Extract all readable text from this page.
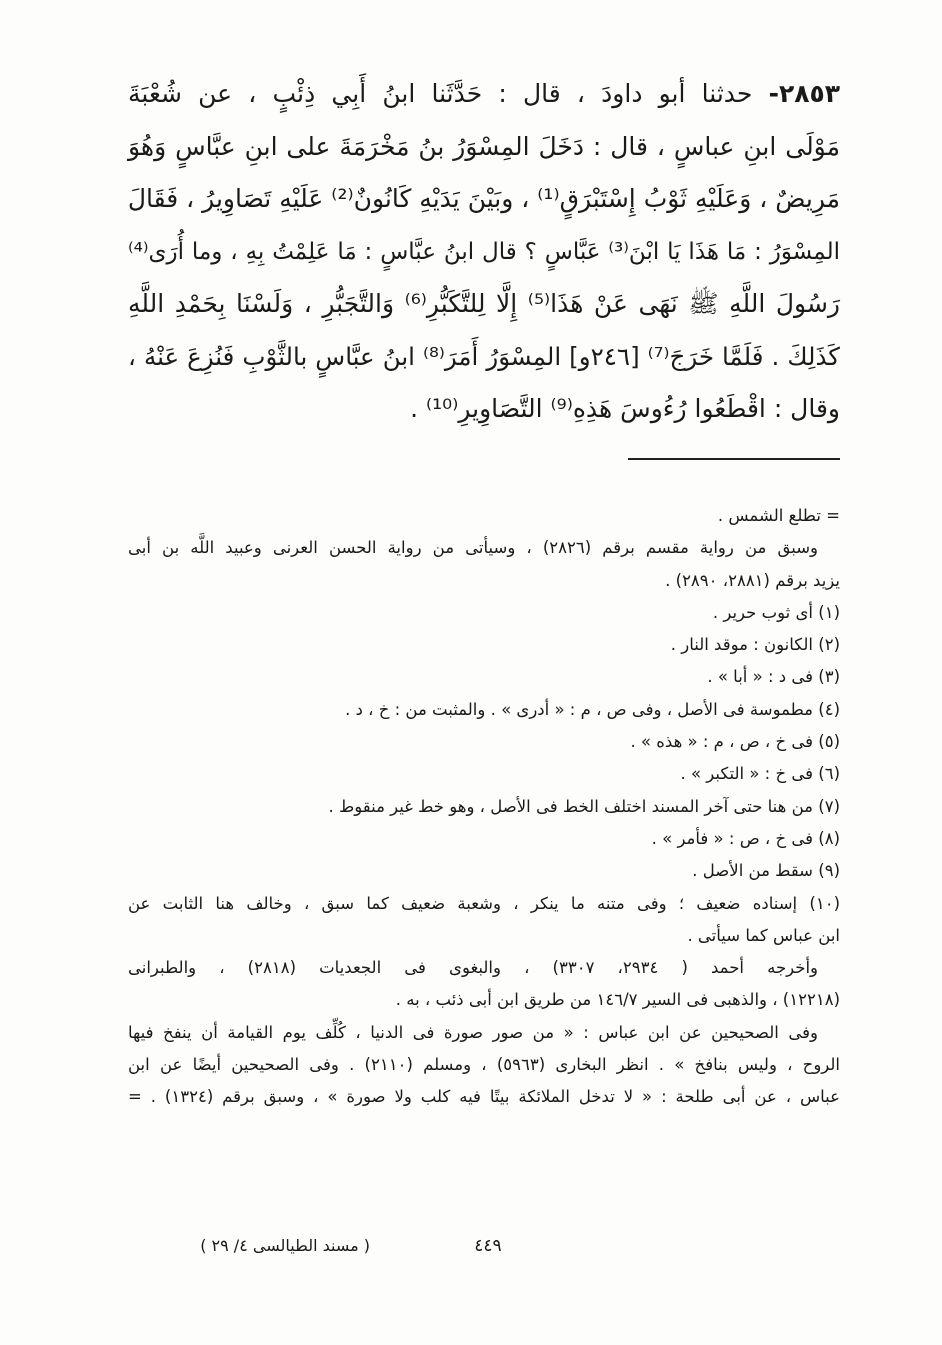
٢٨٥٣- حدثنا أبو داودَ ، قال : حَدَّثَنا ابنُ أَبِي ذِئْبٍ ، عن شُعْبَةَ
مَوْلَى ابنِ عباسٍ ، قال : دَخَلَ المِسْوَرُ بنُ مَخْرَمَةَ على ابنِ عبَّاسٍ وَهُوَ
مَرِيضٌ ، وَعَلَيْهِ ثَوْبُ إِسْتَبْرَقٍ⁽¹⁾ ، وبَيْنَ يَدَيْهِ كَانُونٌ⁽²⁾ عَلَيْهِ تَصَاوِيرُ ، فَقَالَ
المِسْوَرُ : مَا هَذَا يَا ابْنَ⁽³⁾ عَبَّاسٍ ؟ قال ابنُ عبَّاسٍ : مَا عَلِمْتُ بِهِ ، وما أُرَى⁽⁴⁾
رَسُولَ اللَّهِ ﷺ نَهَى عَنْ هَذَا⁽⁵⁾ إِلَّا لِلتَّكَبُّرِ⁽⁶⁾ وَالتَّجَبُّرِ ، وَلَسْنَا بِحَمْدِ اللَّهِ
كَذَلِكَ . فَلَمَّا خَرَجَ⁽⁷⁾ [٢٤٦و] المِسْوَرُ أَمَرَ⁽⁸⁾ ابنُ عبَّاسٍ بالثَّوْبِ فَنُزِعَ عَنْهُ ،
وقال : اقْطَعُوا رُءُوسَ هَذِهِ⁽⁹⁾ التَّصَاوِيرِ⁽¹⁰⁾ .
= تطلع الشمس .
وسبق من رواية مقسم برقم (٢٨٢٦) ، وسيأتى من رواية الحسن العرنى وعبيد اللَّه بن أبى
يزيد برقم (٢٨٨١، ٢٨٩٠) .
(١) أى ثوب حرير .
(٢) الكانون : موقد النار .
(٣) فى د : « أبا » .
(٤) مطموسة فى الأصل ، وفى ص ، م : « أدرى » . والمثبت من : خ ، د .
(٥) فى خ ، ص ، م : « هذه » .
(٦) فى خ : « التكبر » .
(٧) من هنا حتى آخر المسند اختلف الخط فى الأصل ، وهو خط غير منقوط .
(٨) فى خ ، ص : « فأمر » .
(٩) سقط من الأصل .
(١٠) إسناده ضعيف ؛ وفى متنه ما ينكر ، وشعبة ضعيف كما سبق ، وخالف هنا الثابت عن
ابن عباس كما سيأتى .
وأخرجه أحمد ( ٢٩٣٤، ٣٣٠٧) ، والبغوى فى الجعديات (٢٨١٨) ، والطبرانى
(١٢٢١٨) ، والذهبى فى السير ١٤٦/٧ من طريق ابن أبى ذئب ، به .
وفى الصحيحين عن ابن عباس : « من صور صورة فى الدنيا ، كُلِّف يوم القيامة أن ينفخ فيها
الروح ، وليس بنافخ » . انظر البخارى (٥٩٦٣) ، ومسلم (٢١١٠) . وفى الصحيحين أيضًا عن ابن
عباس ، عن أبى طلحة : « لا تدخل الملائكة بيتًا فيه كلب ولا صورة » ، وسبق برقم (١٣٢٤) . =
٤٤٩
( مسند الطيالسى ٤/ ٢٩ )
